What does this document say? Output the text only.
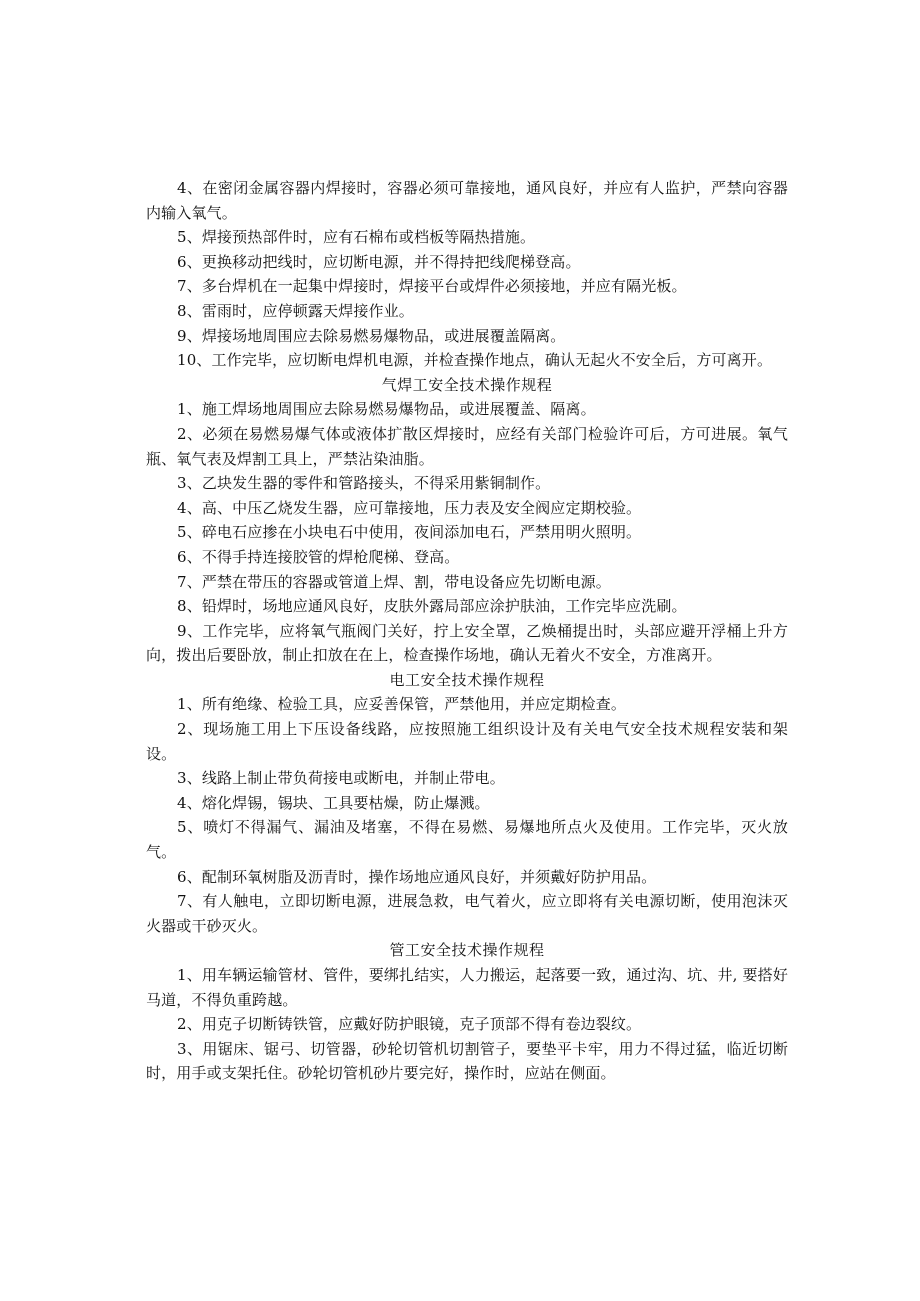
4、在密闭金属容器内焊接时，容器必须可靠接地，通风良好，并应有人监护，严禁向容器内输入氧气。

5、焊接预热部件时，应有石棉布或档板等隔热措施。

6、更换移动把线时，应切断电源，并不得持把线爬梯登高。

7、多台焊机在一起集中焊接时，焊接平台或焊件必须接地，并应有隔光板。

8、雷雨时，应停顿露天焊接作业。

9、焊接场地周围应去除易燃易爆物品，或进展覆盖隔离。

10、工作完毕，应切断电焊机电源，并检查操作地点，确认无起火不安全后，方可离开。

气焊工安全技术操作规程

1、施工焊场地周围应去除易燃易爆物品，或进展覆盖、隔离。

2、必须在易燃易爆气体或液体扩散区焊接时，应经有关部门检验许可后，方可进展。氧气瓶、氧气表及焊割工具上，严禁沾染油脂。

3、乙块发生器的零件和管路接头，不得采用紫铜制作。

4、高、中压乙烧发生器，应可靠接地，压力表及安全阀应定期校验。

5、碎电石应掺在小块电石中使用，夜间添加电石，严禁用明火照明。

6、不得手持连接胶管的焊枪爬梯、登高。

7、严禁在带压的容器或管道上焊、割，带电设备应先切断电源。

8、铅焊时，场地应通风良好，皮肤外露局部应涂护肤油，工作完毕应洗刷。

9、工作完毕，应将氧气瓶阀门关好，拧上安全罩，乙焕桶提出时，头部应避开浮桶上升方向，拨出后要卧放，制止扣放在在上，检查操作场地，确认无着火不安全，方准离开。

电工安全技术操作规程

1、所有绝缘、检验工具，应妥善保管，严禁他用，并应定期检查。

2、现场施工用上下压设备线路，应按照施工组织设计及有关电气安全技术规程安装和架设。

3、线路上制止带负荷接电或断电，并制止带电。

4、熔化焊锡，锡块、工具要枯燥，防止爆溅。

5、喷灯不得漏气、漏油及堵塞，不得在易燃、易爆地所点火及使用。工作完毕，灭火放气。

6、配制环氧树脂及沥青时，操作场地应通风良好，并须戴好防护用品。

7、有人触电，立即切断电源，进展急救，电气着火，应立即将有关电源切断，使用泡沫灭火器或干砂灭火。

管工安全技术操作规程

1、用车辆运输管材、管件，要绑扎结实，人力搬运，起落要一致，通过沟、坑、井, 要搭好马道，不得负重跨越。

2、用克子切断铸铁管，应戴好防护眼镜，克子顶部不得有卷边裂纹。

3、用锯床、锯弓、切管器，砂轮切管机切割管子，要垫平卡牢，用力不得过猛，临近切断时，用手或支架托住。砂轮切管机砂片要完好，操作时，应站在侧面。
